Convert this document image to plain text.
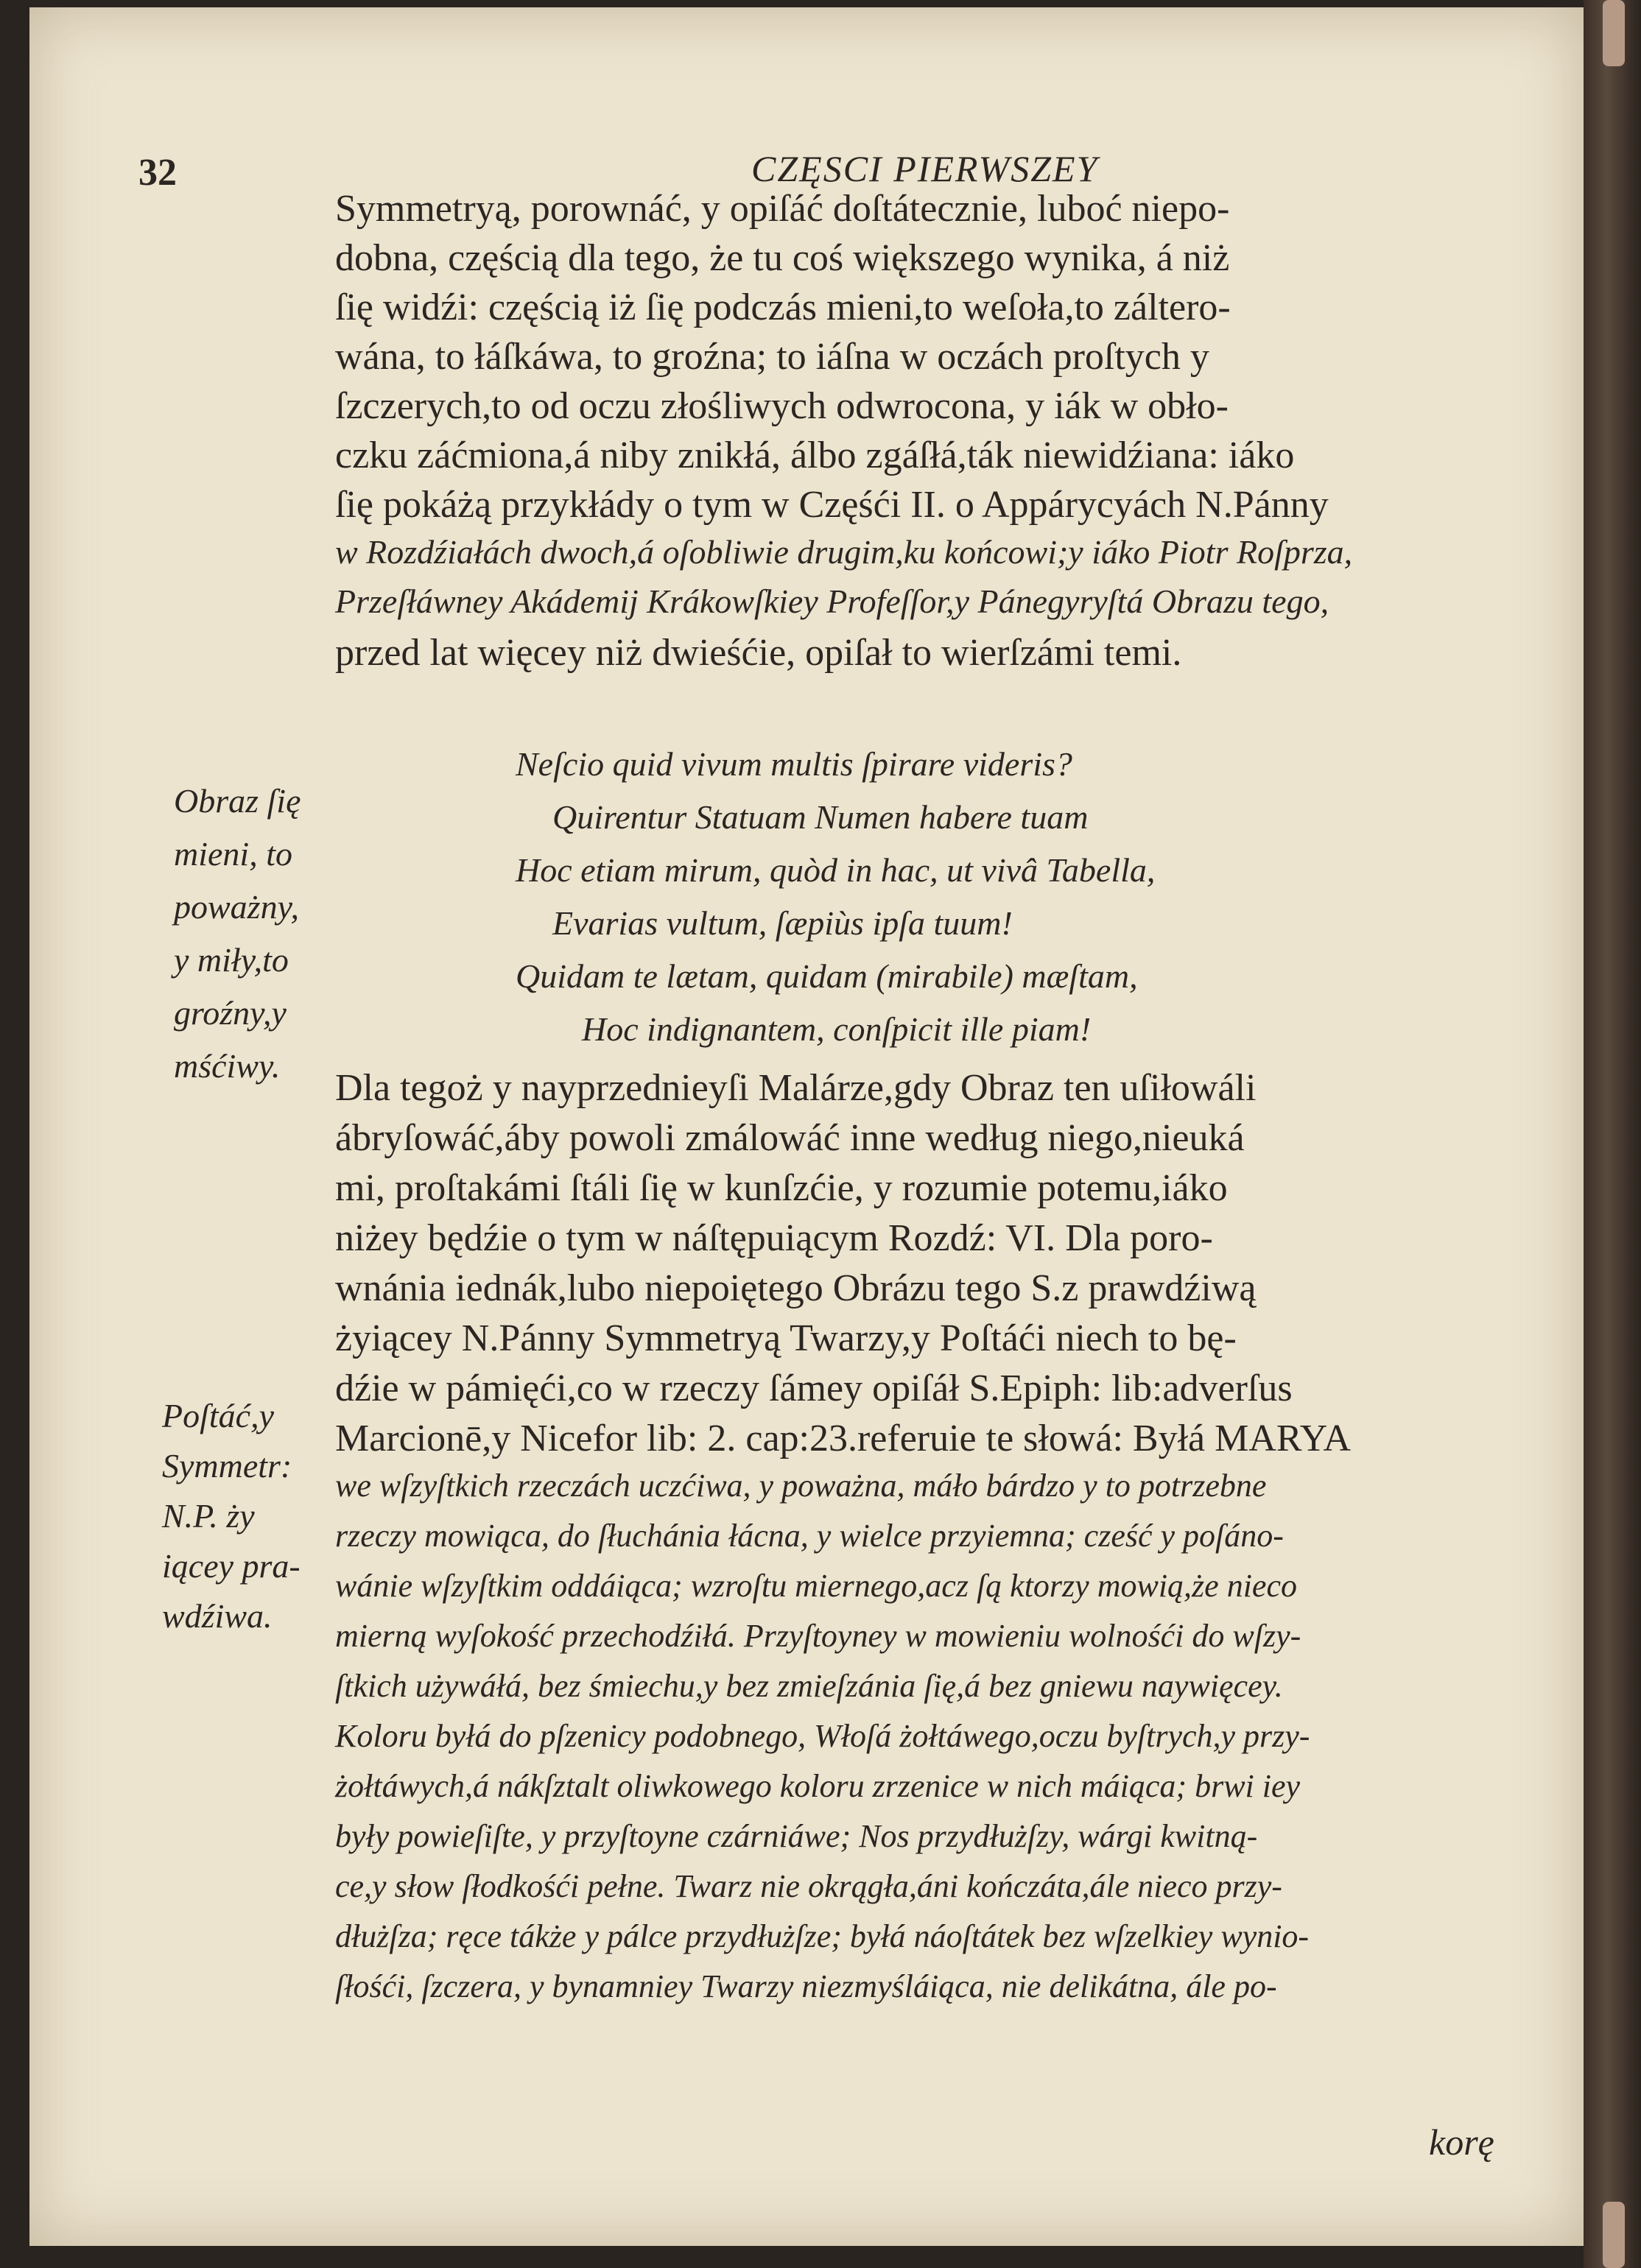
32	CZĘSCI PIERWSZEY
Symmetryą, porownáć, y opiſáć doſtátecznie, luboć niepo-
dobna, częścią dla tego, że tu coś większego wynika, á niż
ſię widźi: częścią iż ſię podczás mieni,to weſoła,to záltero-
wána, to łáſkáwa, to groźna; to iáſna w oczách proſtych y
ſzczerych,to od oczu złośliwych odwrocona, y iák w obło-
czku záćmiona,á niby znikłá, álbo zgáſłá,ták niewidźiana: iáko
ſię pokáżą przykłády o tym w Częśći II. o Appárycyách N.Pánny
w Rozdźiałách dwoch,á oſobliwie drugim,ku końcowi;y iáko Piotr Roſprza,
Przeſłáwney Akádemij Krákowſkiey Profeſſor,y Pánegyryſtá Obrazu tego,
przed lat więcey niż dwieśćie, opiſał to wierſzámi temi.
Neſcio quid vivum multis ſpirare videris?
Quirentur Statuam Numen habere tuam
Hoc etiam mirum, quòd in hac, ut vivâ Tabella,
Evarias vultum, ſæpiùs ipſa tuum!
Quidam te lætam, quidam (mirabile) mæſtam,
Hoc indignantem, conſpicit ille piam!
Obraz ſię
mieni, to
poważny,
y miły,to
groźny,y
mśćiwy.
Dla tegoż y nayprzednieyſi Malárze,gdy Obraz ten uſiłowáli
ábryſowáć,áby powoli zmálowáć inne według niego,nieuká
mi, proſtakámi ſtáli ſię w kunſzćie, y rozumie potemu,iáko
niżey będźie o tym w náſtępuiącym Rozdź: VI. Dla poro-
wnánia iednák,lubo niepoiętego Obrázu tego S.z prawdźiwą
żyiącey N.Pánny Symmetryą Twarzy,y Poſtáći niech to bę-
dźie w pámięći,co w rzeczy ſámey opiſáł S.Epiph: lib:adverſus
Marcionē,y Nicefor lib: 2. cap:23.referuie te słowá: Byłá MARYA
we wſzyſtkich rzeczách uczćiwa, y poważna, máło bárdzo y to potrzebne
rzeczy mowiąca, do ſłuchánia łácna, y wielce przyiemna; cześć y poſáno-
wánie wſzyſtkim oddáiąca; wzroſtu miernego,acz ſą ktorzy mowią,że nieco
mierną wyſokość przechodźiłá. Przyſtoyney w mowieniu wolnośći do wſzy-
ſtkich używáłá, bez śmiechu,y bez zmieſzánia ſię,á bez gniewu naywięcey.
Koloru byłá do pſzenicy podobnego, Włoſá żołtáwego,oczu byſtrych,y przy-
żołtáwych,á nákſztalt oliwkowego koloru zrzenice w nich máiąca; brwi iey
były powieſiſte, y przyſtoyne czárniáwe; Nos przydłużſzy, wárgi kwitną-
ce,y słow ſłodkośći pełne. Twarz nie okrągła,áni kończáta,ále nieco przy-
dłużſza; ręce tákże y pálce przydłużſze; byłá náoſtátek bez wſzelkiey wynio-
ſłośći, ſzczera, y bynamniey Twarzy niezmyśláiąca, nie delikátna, ále po-
Poſtáć,y
Symmetr:
N.P. ży
iącey pra-
wdźiwa.
korę
